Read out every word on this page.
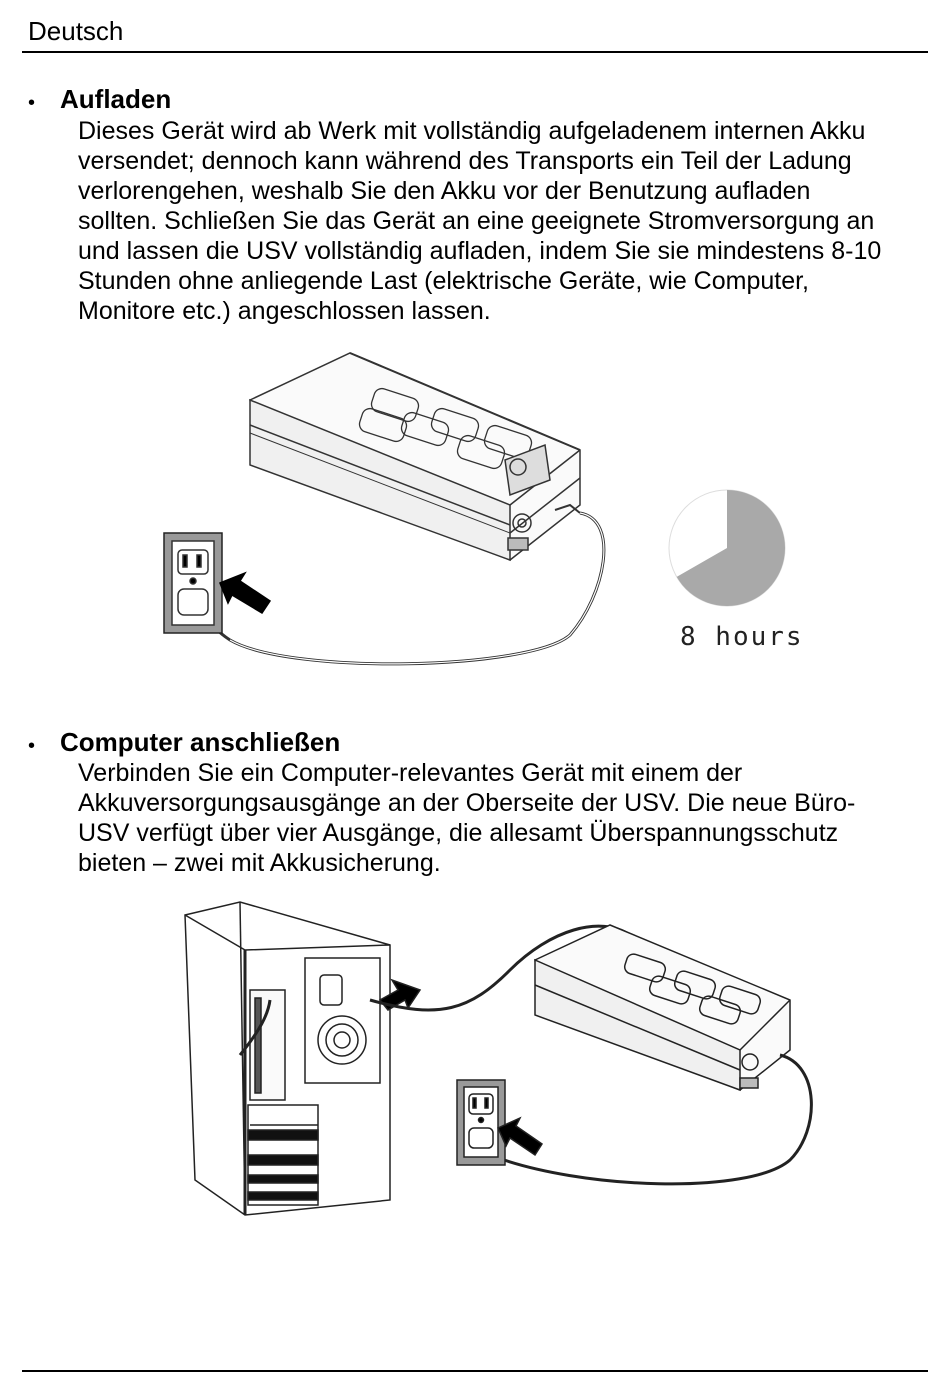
Deutsch
• Aufladen
Dieses Gerät wird ab Werk mit vollständig aufgeladenem internen Akku
versendet; dennoch kann während des Transports ein Teil der Ladung
verlorengehen, weshalb Sie den Akku vor der Benutzung aufladen
sollten. Schließen Sie das Gerät an eine geeignete Stromversorgung an
und lassen die USV vollständig aufladen, indem Sie sie mindestens 8-10
Stunden ohne anliegende Last (elektrische Geräte, wie Computer,
Monitore etc.) angeschlossen lassen.
8 hours
• Computer anschließen
Verbinden Sie ein Computer-relevantes Gerät mit einem der
Akkuversorgungsausgänge an der Oberseite der USV. Die neue Büro-
USV verfügt über vier Ausgänge, die allesamt Überspannungsschutz
bieten – zwei mit Akkusicherung.
